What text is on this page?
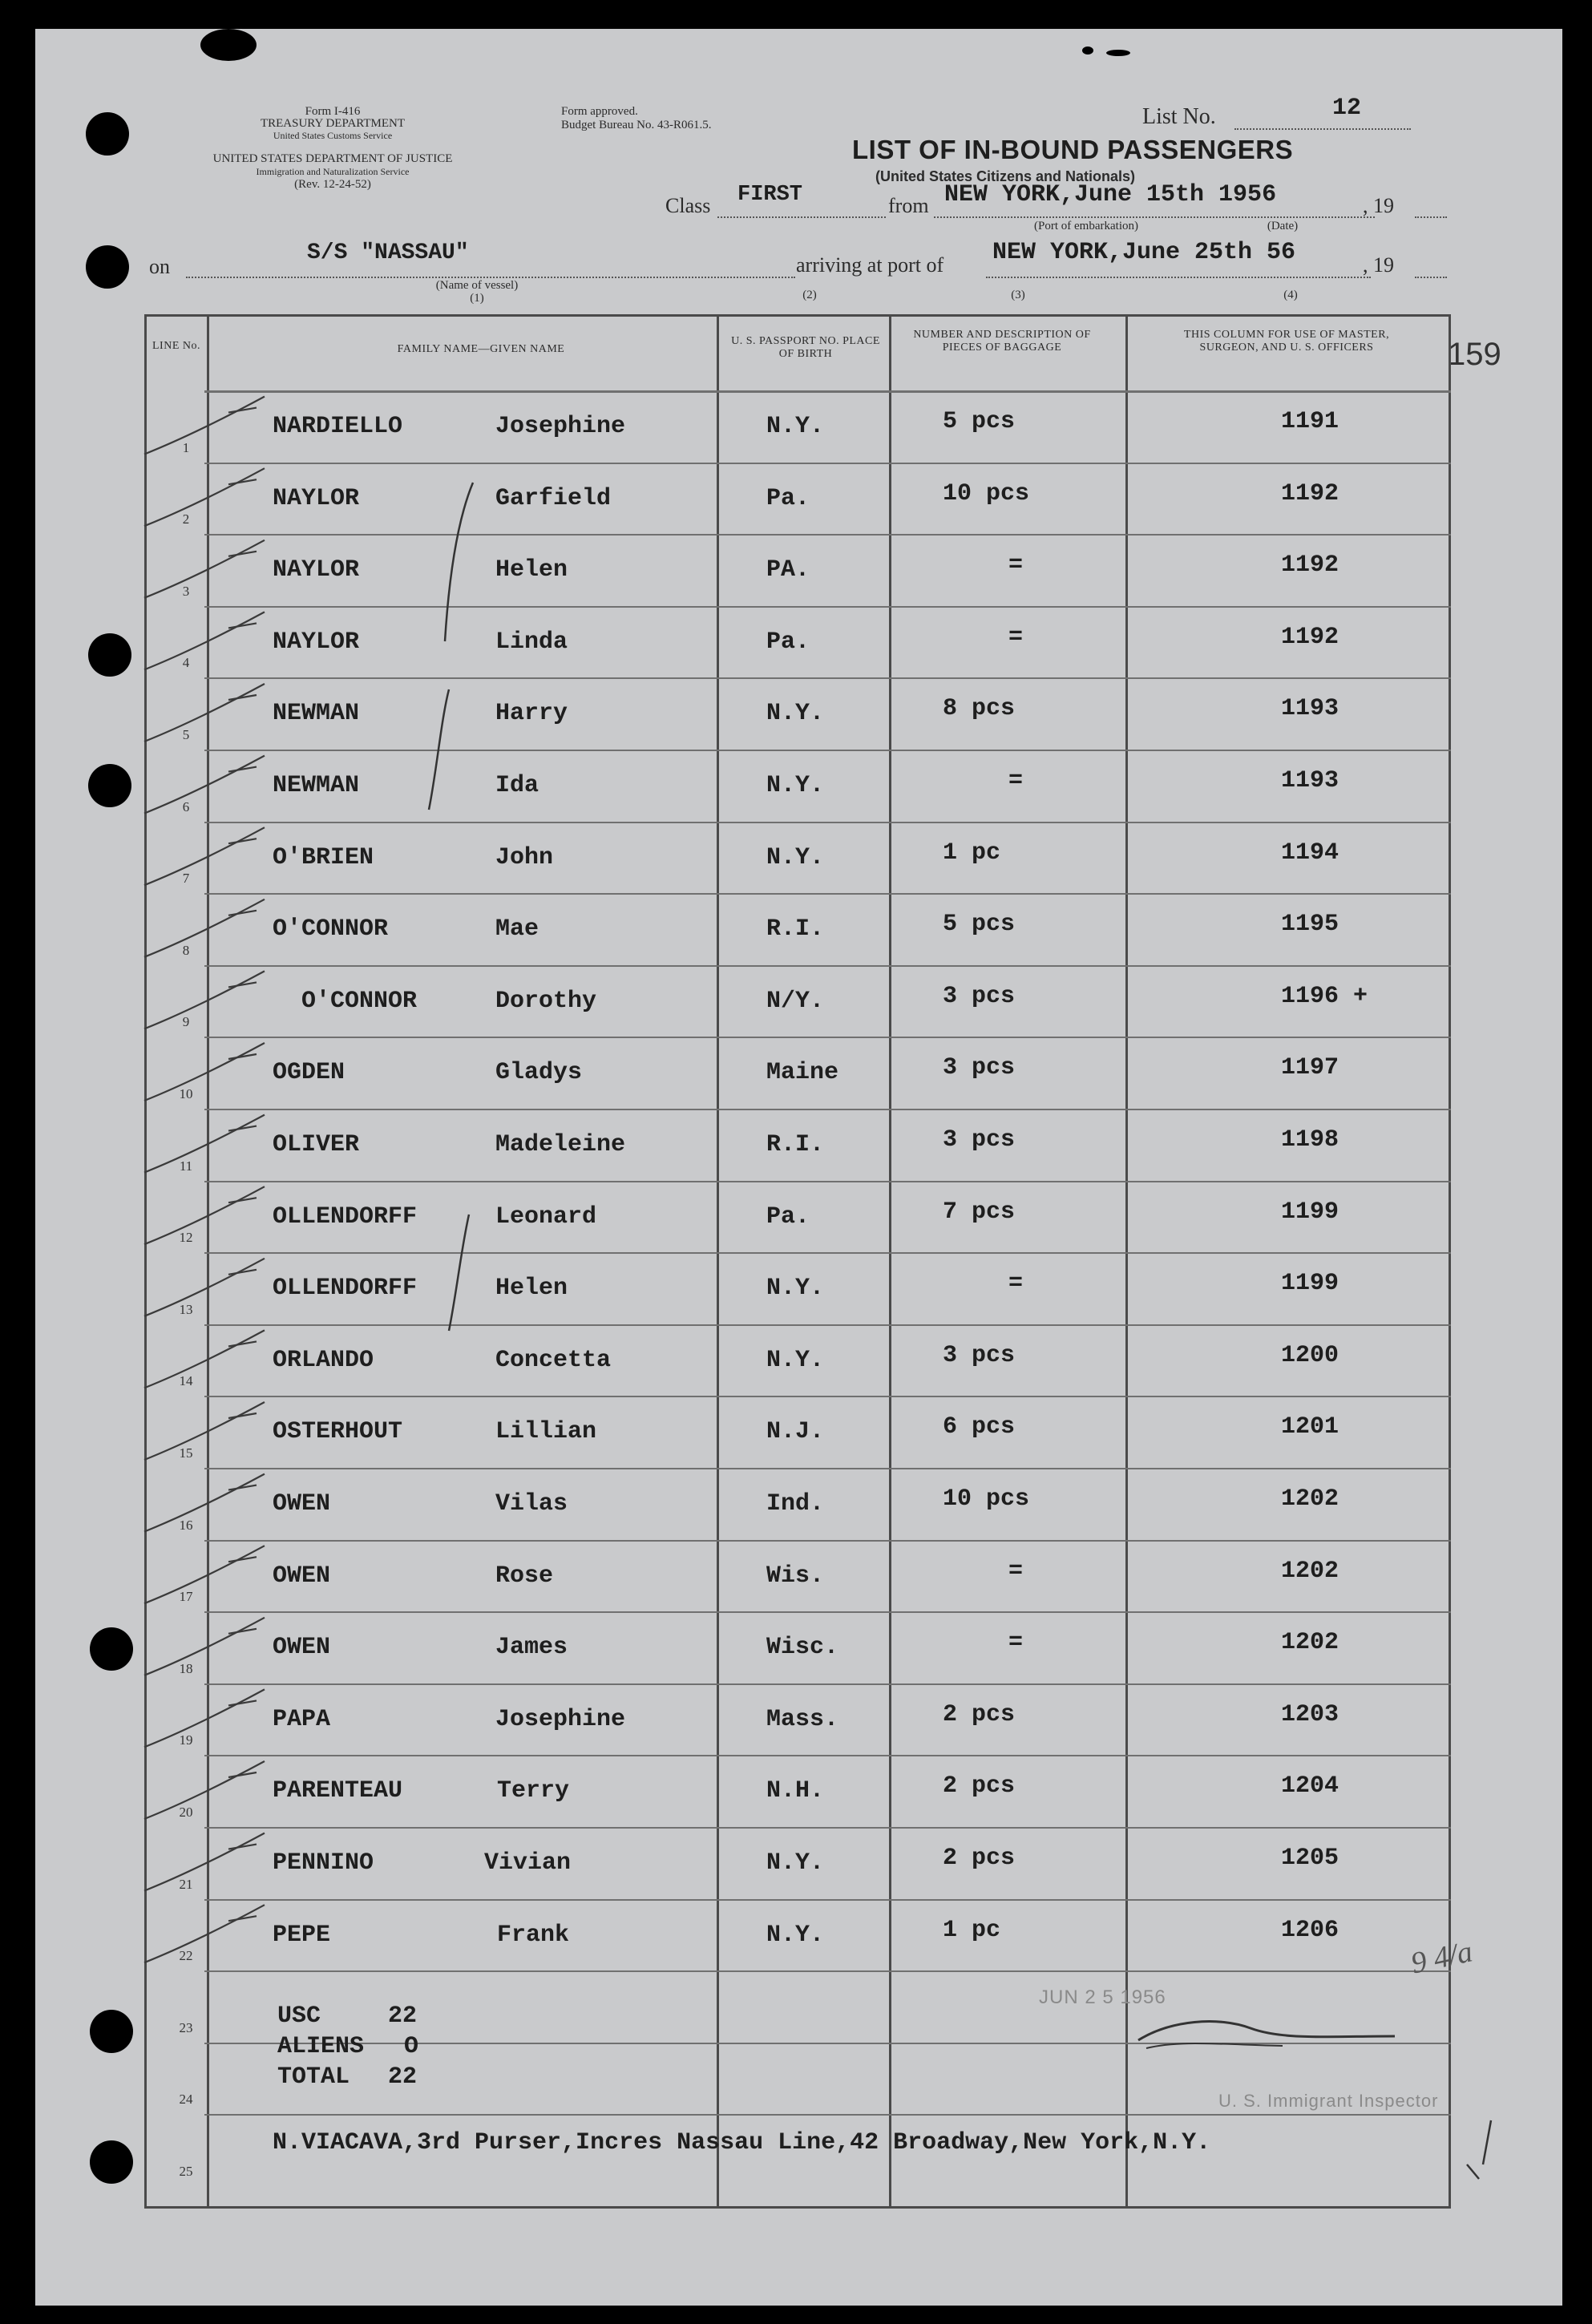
Form I-416
TREASURY DEPARTMENT
United States Customs Service
UNITED STATES DEPARTMENT OF JUSTICE
Immigration and Naturalization Service
(Rev. 12-24-52)
Form approved.
Budget Bureau No. 43-R061.5.	List No.	12
LIST OF IN-BOUND PASSENGERS
(United States Citizens and Nationals)
Class FIRST	from NEW YORK,June 15th 1956	, 19
(Port of embarkation)	(Date)
on
S/S "NASSAU"
(Name of vessel)
(1)
arriving at port of NEW YORK,June 25th 56	, 19
(2)	(3)	(4)
159
LINE No.	FAMILY NAME—GIVEN NAME
U. S. PASSPORT NO. PLACE OF BIRTH
NUMBER AND DESCRIPTION OF PIECES OF BAGGAGE
THIS COLUMN FOR USE OF MASTER, SURGEON, AND U. S. OFFICERS
1
NARDIELLO	Josephine	N.Y.	5 pcs	1191
2
NAYLOR	Garfield	Pa.	10 pcs	1192
3
NAYLOR	Helen	PA.	=	1192
4
NAYLOR	Linda	Pa.	=	1192
5
NEWMAN	Harry	N.Y.	8 pcs	1193
6
NEWMAN	Ida	N.Y.	=	1193
7
O'BRIEN	John	N.Y.	1 pc	1194
8
O'CONNOR	Mae	R.I.	5 pcs	1195
9
O'CONNOR	Dorothy	N/Y.	3 pcs	1196 +
10
OGDEN	Gladys	Maine	3 pcs	1197
11
OLIVER	Madeleine	R.I.	3 pcs	1198
12
OLLENDORFF	Leonard	Pa.	7 pcs	1199
13
OLLENDORFF	Helen	N.Y.	=	1199
14
ORLANDO	Concetta	N.Y.	3 pcs	1200
15
OSTERHOUT	Lillian	N.J.	6 pcs	1201
16
OWEN	Vilas	Ind.	10 pcs	1202
17
OWEN	Rose	Wis.	=	1202
18
OWEN	James	Wisc.	=	1202
19
PAPA	Josephine	Mass.	2 pcs	1203
20
PARENTEAU	Terry	N.H.	2 pcs	1204
21
PENNINO	Vivian	N.Y.	2 pcs	1205
22
PEPE	Frank	N.Y.	1 pc	1206
23
24
25
USC	22
ALIENS O
TOTAL 22
N.VIACAVA,3rd Purser,Incres Nassau Line,42 Broadway,New York,N.Y.
JUN 2 5 1956
U. S. Immigrant Inspector
9 4/a
